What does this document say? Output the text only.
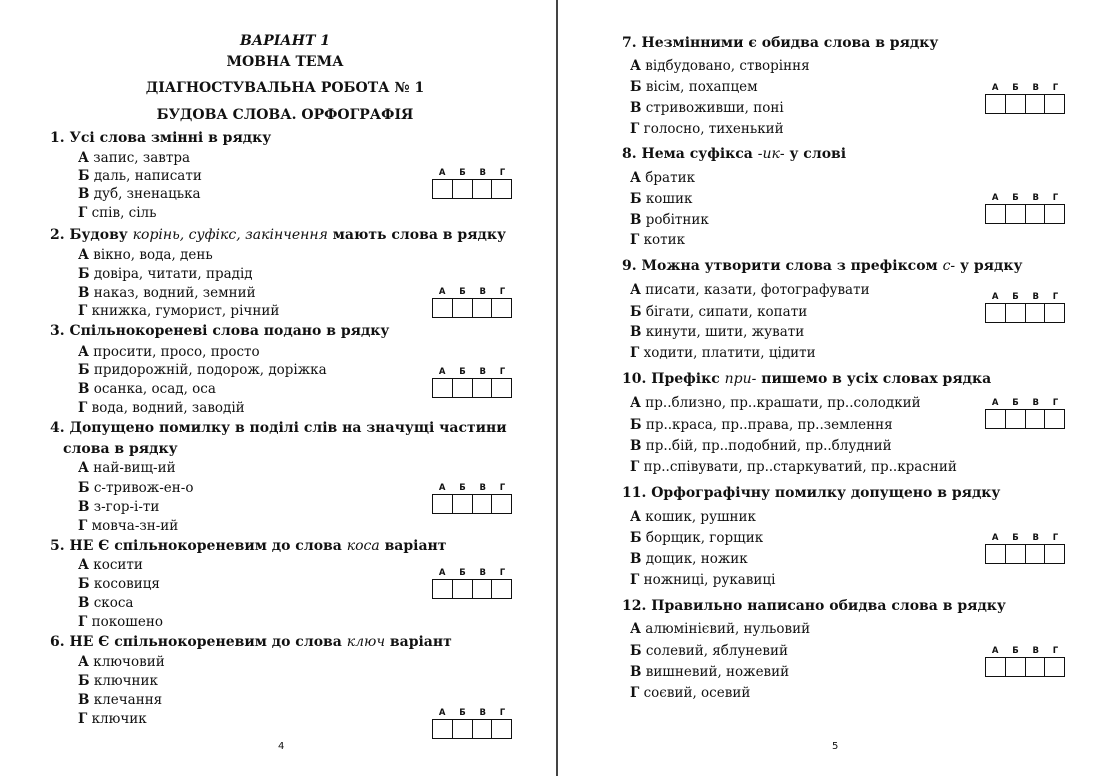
ВАРІАНТ 1
МОВНА ТЕМА
ДІАГНОСТУВАЛЬНА РОБОТА № 1
БУДОВА СЛОВА. ОРФОГРАФІЯ
4
1. Усі слова змінні в рядку
А запис, завтра
Б даль, написати
В дуб, зненацька
Г спів, сіль
А Б В Г
2. Будову корінь, суфікс, закінчення мають слова в рядку
А вікно, вода, день
Б довіра, читати, прадід
В наказ, водний, земний
Г книжка, гуморист, річний
А Б В Г
3. Спільнокореневі слова подано в рядку
А просити, просо, просто
Б придорожній, подорож, доріжка
В осанка, осад, оса
Г вода, водний, заводій
А Б В Г
4. Допущено помилку в поділі слів на значущі частини
слова в рядку
А най-вищ-ий
Б с-тривож-ен-о
В з-гор-і-ти
Г мовча-зн-ий
А Б В Г
5. НЕ Є спільнокореневим до слова коса варіант
А косити
Б косовиця
В скоса
Г покошено
А Б В Г
6. НЕ Є спільнокореневим до слова ключ варіант
А ключовий
Б ключник
В клечання
Г ключик	А Б В Г
5
7. Незмінними є обидва слова в рядку
А відбудовано, створіння
Б вісім, похапцем
В стривоживши, поні
Г голосно, тихенький
А Б В Г
8. Нема суфікса -ик- у слові
А братик
Б кошик
В робітник
Г котик
А Б В Г
9. Можна утворити слова з префіксом с- у рядку
А писати, казати, фотографувати
Б бігати, сипати, копати
В кинути, шити, жувати
Г ходити, платити, цідити
А Б В Г
10. Префікс при- пишемо в усіх словах рядка
А пр..близно, пр..крашати, пр..солодкий
Б пр..краса, пр..права, пр..землення
В пр..бій, пр..подобний, пр..блудний
Г пр..співувати, пр..старкуватий, пр..красний
А Б В Г
11. Орфографічну помилку допущено в рядку
А кошик, рушник
Б борщик, горщик
В дощик, ножик
Г ножниці, рукавиці
А Б В Г
12. Правильно написано обидва слова в рядку
А алюмінієвий, нульовий
Б солевий, яблуневий
В вишневий, ножевий
Г соєвий, осевий
А Б В Г
